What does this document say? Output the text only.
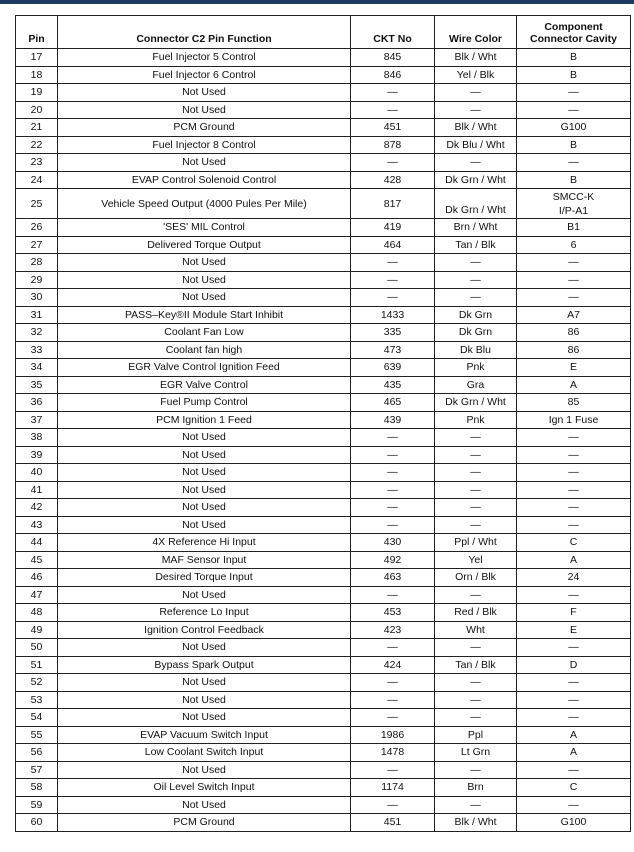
Pin	Connector C2 Pin Function	CKT No	Wire Color	Component
Connector Cavity
17	Fuel Injector 5 Control	845	Blk / Wht	B
18	Fuel Injector 6 Control	846	Yel / Blk	B
19	Not Used	—	—	—
20	Not Used	—	—	—
21	PCM Ground	451	Blk / Wht	G100
22	Fuel Injector 8 Control	878	Dk Blu / Wht	B
23	Not Used	—	—	—
24	EVAP Control Solenoid Control	428	Dk Grn / Wht	B
25	Vehicle Speed Output (4000 Pules Per Mile)	817	Dk Grn / Wht	SMCC-K
I/P-A1
26	'SES' MIL Control	419	Brn / Wht	B1
27	Delivered Torque Output	464	Tan / Blk	6
28	Not Used	—	—	—
29	Not Used	—	—	—
30	Not Used	—	—	—
31	PASS–Key®II Module Start Inhibit	1433	Dk Grn	A7
32	Coolant Fan Low	335	Dk Grn	86
33	Coolant fan high	473	Dk Blu	86
34	EGR Valve Control Ignition Feed	639	Pnk	E
35	EGR Valve Control	435	Gra	A
36	Fuel Pump Control	465	Dk Grn / Wht	85
37	PCM Ignition 1 Feed	439	Pnk	Ign 1 Fuse
38	Not Used	—	—	—
39	Not Used	—	—	—
40	Not Used	—	—	—
41	Not Used	—	—	—
42	Not Used	—	—	—
43	Not Used	—	—	—
44	4X Reference Hi Input	430	Ppl / Wht	C
45	MAF Sensor Input	492	Yel	A
46	Desired Torque Input	463	Orn / Blk	24
47	Not Used	—	—	—
48	Reference Lo Input	453	Red / Blk	F
49	Ignition Control Feedback	423	Wht	E
50	Not Used	—	—	—
51	Bypass Spark Output	424	Tan / Blk	D
52	Not Used	—	—	—
53	Not Used	—	—	—
54	Not Used	—	—	—
55	EVAP Vacuum Switch Input	1986	Ppl	A
56	Low Coolant Switch Input	1478	Lt Grn	A
57	Not Used	—	—	—
58	Oil Level Switch Input	1174	Brn	C
59	Not Used	—	—	—
60	PCM Ground	451	Blk / Wht	G100
